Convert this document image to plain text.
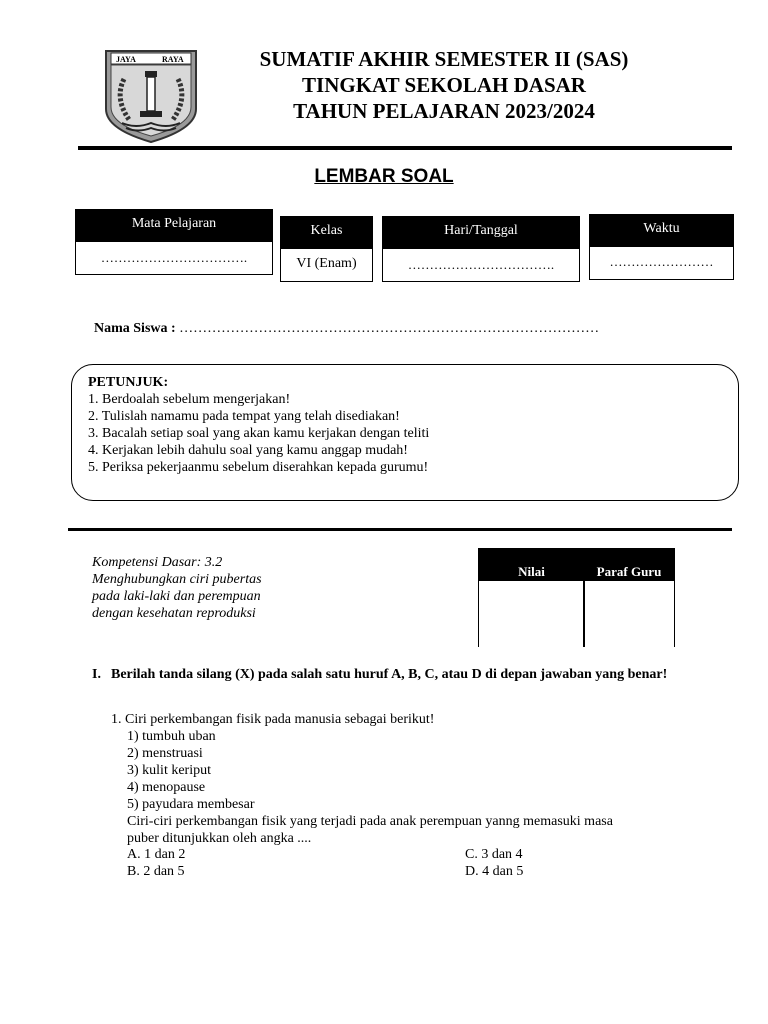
JAYA	RAYA	SUMATIF AKHIR SEMESTER II (SAS)
TINGKAT SEKOLAH DASAR
TAHUN PELAJARAN 2023/2024
LEMBAR SOAL
Mata Pelajaran
…………………………….
Kelas
VI (Enam)
Hari/Tanggal
…………………………….
Waktu
……………………
Nama Siswa : ………………………………………………………………………………
PETUNJUK:
1. Berdoalah sebelum mengerjakan!
2. Tulislah namamu pada tempat yang telah disediakan!
3. Bacalah setiap soal yang akan kamu kerjakan dengan teliti
4. Kerjakan lebih dahulu soal yang kamu anggap mudah!
5. Periksa pekerjaanmu sebelum diserahkan kepada gurumu!
Kompetensi Dasar: 3.2
Menghubungkan ciri pubertas
pada laki-laki dan perempuan
dengan kesehatan reproduksi
Nilai	Paraf Guru
I. Berilah tanda silang (X) pada salah satu huruf A, B, C, atau D di depan jawaban yang benar!
1. Ciri perkembangan fisik pada manusia sebagai berikut!
1) tumbuh uban
2) menstruasi
3) kulit keriput
4) menopause
5) payudara membesar
Ciri-ciri perkembangan fisik yang terjadi pada anak perempuan yanng memasuki masa
puber ditunjukkan oleh angka ....
A. 1 dan 2
B. 2 dan 5
C. 3 dan 4
D. 4 dan 5
